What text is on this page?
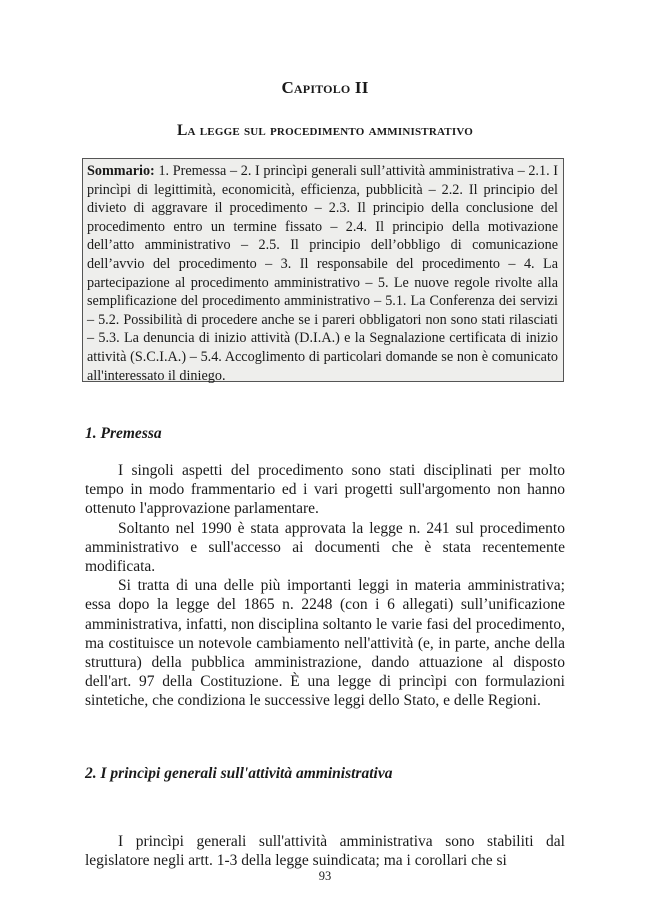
Capitolo II
La legge sul procedimento amministrativo
Sommario: 1. Premessa – 2. I princìpi generali sull’attività amministrativa – 2.1. I princìpi di legittimità, economicità, efficienza, pubblicità – 2.2. Il principio del divieto di aggravare il procedimento – 2.3. Il principio della conclusione del procedimento entro un termine fissato – 2.4. Il principio della motivazione dell’atto amministrativo – 2.5. Il principio dell’obbligo di comunicazione dell’avvio del procedimento – 3. Il responsabile del procedimento – 4. La partecipazione al procedimento amministrativo – 5. Le nuove regole rivolte alla semplificazione del procedimento amministrativo – 5.1. La Conferenza dei servizi – 5.2. Possibilità di procedere anche se i pareri obbligatori non sono stati rilasciati – 5.3. La denuncia di inizio attività (D.I.A.) e la Segnalazione certificata di inizio attività (S.C.I.A.) – 5.4. Accoglimento di particolari domande se non è comunicato all'interessato il diniego.
1. Premessa

I singoli aspetti del procedimento sono stati disciplinati per molto tempo in modo frammentario ed i vari progetti sull'argomento non hanno ottenuto l'approvazione parlamentare.

Soltanto nel 1990 è stata approvata la legge n. 241 sul procedimento amministrativo e sull'accesso ai documenti che è stata recentemente modificata.

Si tratta di una delle più importanti leggi in materia amministrativa; essa dopo la legge del 1865 n. 2248 (con i 6 allegati) sull’unificazione amministrativa, infatti, non disciplina soltanto le varie fasi del procedimento, ma costituisce un notevole cambiamento nell'attività (e, in parte, anche della struttura) della pubblica amministrazione, dando attuazione al disposto dell'art. 97 della Costituzione. È una legge di princìpi con formulazioni sintetiche, che condiziona le successive leggi dello Stato, e delle Regioni.

2. I princìpi generali sull'attività amministrativa

I princìpi generali sull'attività amministrativa sono stabiliti dal legislatore negli artt. 1-3 della legge suindicata; ma i corollari che si

93
